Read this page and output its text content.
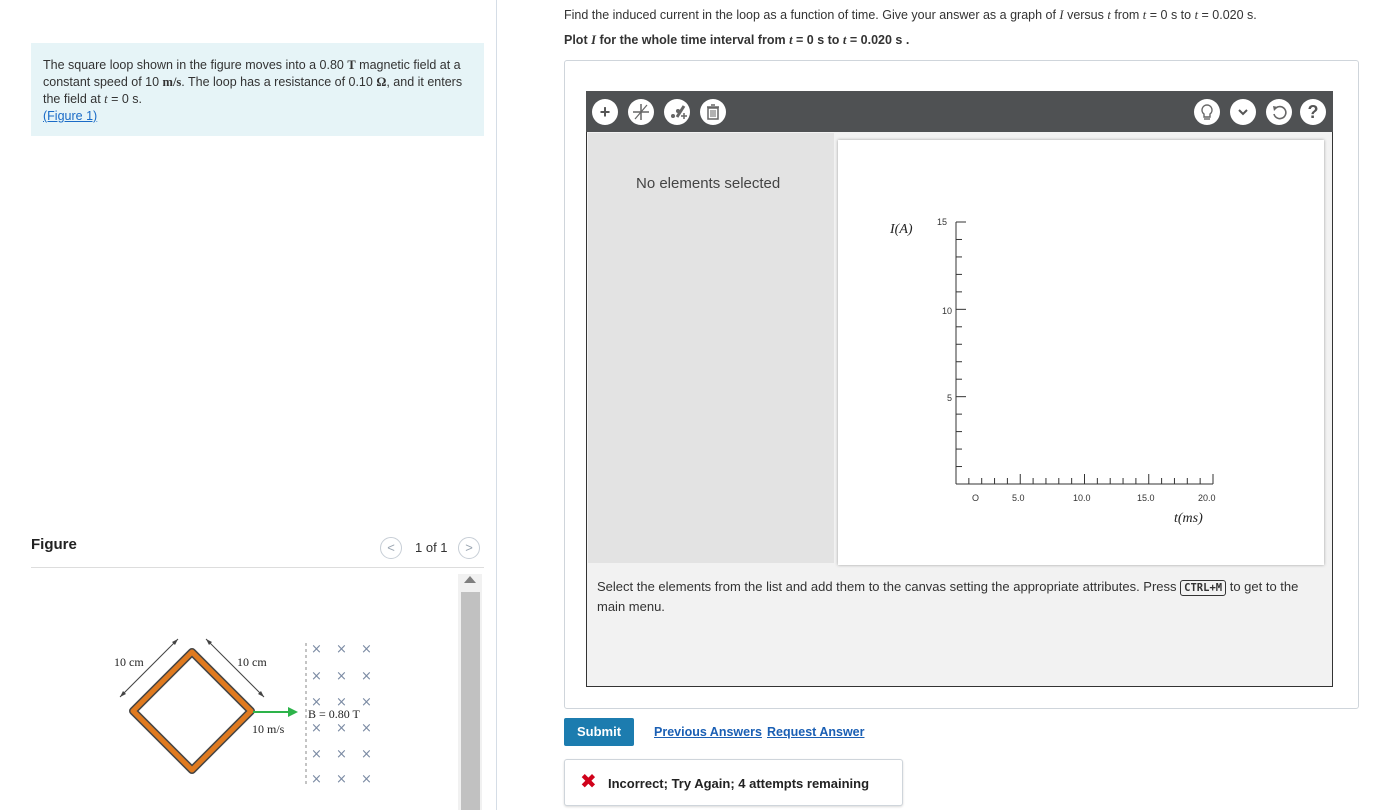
The square loop shown in the figure moves into a 0.80 T magnetic field at a constant speed of 10 m/s. The loop has a resistance of 0.10 Ω, and it enters the field at t = 0 s.
(Figure 1)
Figure	<	1 of 1	>
10 cm	10 cm
10 m/s
B = 0.80 T
× × ×
× × ×
× × ×
× × ×
× × ×
× × ×
Find the induced current in the loop as a function of time. Give your answer as a graph of I versus t from t = 0 s to t = 0.020 s.
Plot I for the whole time interval from t = 0 s to t = 0.020 s .
+	?
No elements selected
I(A)
t(ms)
15
10
5
O	5.0	10.0	15.0	20.0
Select the elements from the list and add them to the canvas setting the appropriate attributes. Press CTRL+M to get to the main menu.
Submit	Previous Answers Request Answer
✖ Incorrect; Try Again; 4 attempts remaining
